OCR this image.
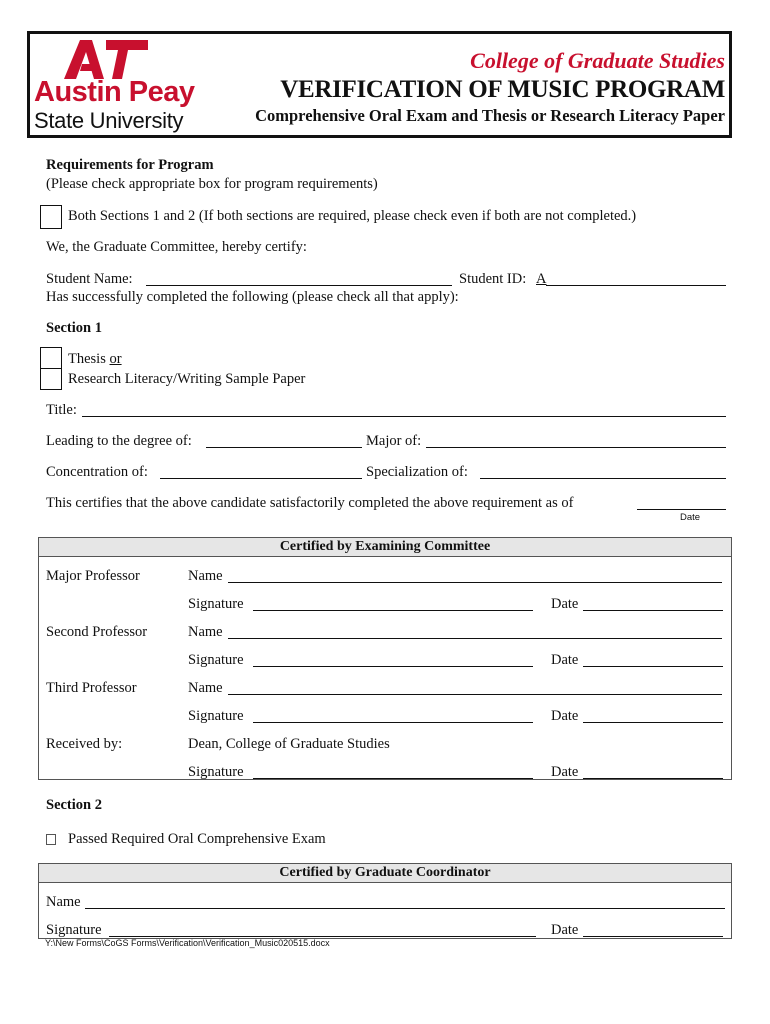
Austin Peay
State University
College of Graduate Studies
VERIFICATION OF MUSIC PROGRAM
Comprehensive Oral Exam and Thesis or Research Literacy Paper
Requirements for Program
(Please check appropriate box for program requirements)
Both Sections 1 and 2 (If both sections are required, please check even if both are not completed.)
We, the Graduate Committee, hereby certify:
Student Name:	Student ID: A
Has successfully completed the following (please check all that apply):
Section 1
Thesis or
Research Literacy/Writing Sample Paper
Title:
Leading to the degree of:	Major of:
Concentration of:	Specialization of:
This certifies that the above candidate satisfactorily completed the above requirement as of
Date
Certified by Examining Committee
Major Professor	Name
Signature	Date
Second Professor	Name
Signature	Date
Third Professor	Name
Signature	Date
Received by:	Dean, College of Graduate Studies
Signature	Date
Section 2
Passed Required Oral Comprehensive Exam
Certified by Graduate Coordinator
Name
Signature	Date
Y:\New Forms\CoGS Forms\Verification\Verification_Music020515.docx
